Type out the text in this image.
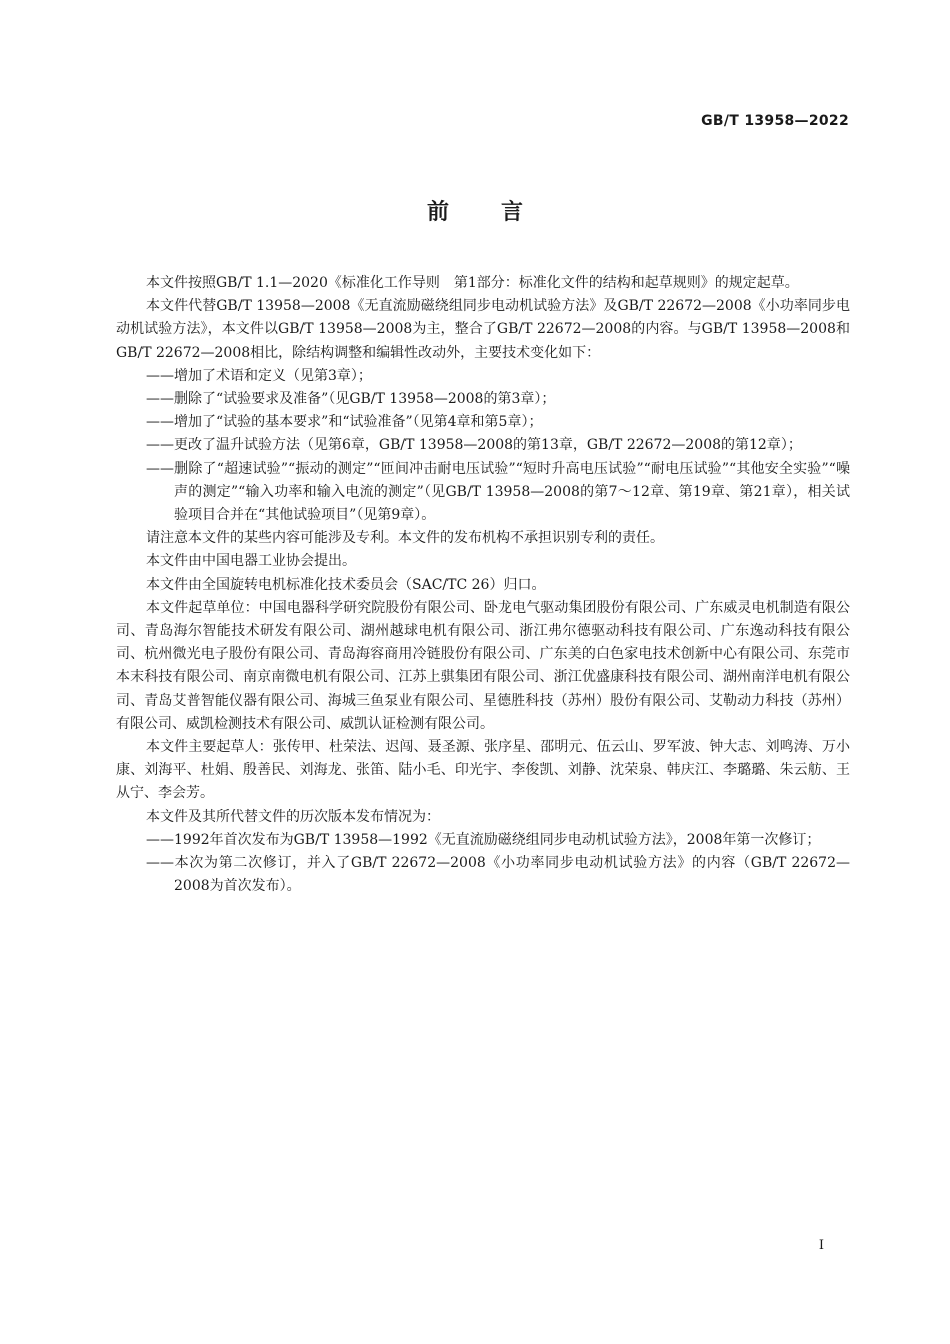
GB/T 13958—2022
前言

本文件按照GB/T 1.1—2020《标准化工作导则　第1部分：标准化文件的结构和起草规则》的规定起草。

本文件代替GB/T 13958—2008《无直流励磁绕组同步电动机试验方法》及GB/T 22672—2008《小功率同步电动机试验方法》，本文件以GB/T 13958—2008为主，整合了GB/T 22672—2008的内容。与GB/T 13958—2008和GB/T 22672—2008相比，除结构调整和编辑性改动外，主要技术变化如下：

——增加了术语和定义（见第3章）；

——删除了“试验要求及准备”（见GB/T 13958—2008的第3章）；

——增加了“试验的基本要求”和“试验准备”（见第4章和第5章）；

——更改了温升试验方法（见第6章，GB/T 13958—2008的第13章，GB/T 22672—2008的第12章）；

——删除了“超速试验”“振动的测定”“匝间冲击耐电压试验”“短时升高电压试验”“耐电压试验”“其他安全实验”“噪声的测定”“输入功率和输入电流的测定”（见GB/T 13958—2008的第7～12章、第19章、第21章），相关试验项目合并在“其他试验项目”（见第9章）。

请注意本文件的某些内容可能涉及专利。本文件的发布机构不承担识别专利的责任。

本文件由中国电器工业协会提出。

本文件由全国旋转电机标准化技术委员会（SAC/TC 26）归口。

本文件起草单位：中国电器科学研究院股份有限公司、卧龙电气驱动集团股份有限公司、广东威灵电机制造有限公司、青岛海尔智能技术研发有限公司、湖州越球电机有限公司、浙江弗尔德驱动科技有限公司、广东逸动科技有限公司、杭州微光电子股份有限公司、青岛海容商用冷链股份有限公司、广东美的白色家电技术创新中心有限公司、东莞市本末科技有限公司、南京南微电机有限公司、江苏上骐集团有限公司、浙江优盛康科技有限公司、湖州南洋电机有限公司、青岛艾普智能仪器有限公司、海城三鱼泵业有限公司、星德胜科技（苏州）股份有限公司、艾勒动力科技（苏州）有限公司、威凯检测技术有限公司、威凯认证检测有限公司。

本文件主要起草人：张传甲、杜荣法、迟闯、聂圣源、张序星、邵明元、伍云山、罗军波、钟大志、刘鸣涛、万小康、刘海平、杜娟、殷善民、刘海龙、张笛、陆小毛、印光宇、李俊凯、刘静、沈荣泉、韩庆江、李璐璐、朱云舫、王从宁、李会芳。

本文件及其所代替文件的历次版本发布情况为：

——1992年首次发布为GB/T 13958—1992《无直流励磁绕组同步电动机试验方法》，2008年第一次修订；

——本次为第二次修订，并入了GB/T 22672—2008《小功率同步电动机试验方法》的内容（GB/T 22672—2008为首次发布）。

Ⅰ
